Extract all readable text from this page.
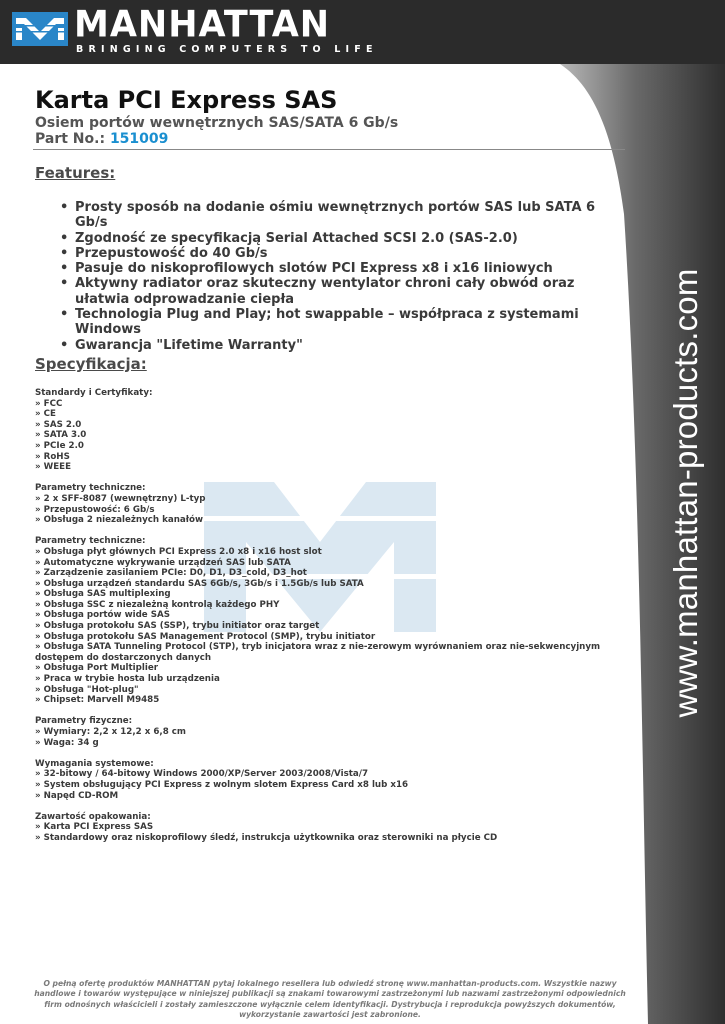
MANHATTAN
BRINGING COMPUTERS TO LIFE
www.manhattan-products.com
Karta PCI Express SAS
Osiem portów wewnętrznych SAS/SATA 6 Gb/s
Part No.: 151009
Features:
• Prosty sposób na dodanie ośmiu wewnętrznych portów SAS lub SATA 6 Gb/s
• Zgodność ze specyfikacją Serial Attached SCSI 2.0 (SAS-2.0)
• Przepustowość do 40 Gb/s
• Pasuje do niskoprofilowych slotów PCI Express x8 i x16 liniowych
• Aktywny radiator oraz skuteczny wentylator chroni cały obwód oraz ułatwia odprowadzanie ciepła
• Technologia Plug and Play; hot swappable – współpraca z systemami Windows
• Gwarancja "Lifetime Warranty"
Specyfikacja:
Standardy i Certyfikaty:
» FCC
» CE
» SAS 2.0
» SATA 3.0
» PCIe 2.0
» RoHS
» WEEE
Parametry techniczne:
» 2 x SFF-8087 (wewnętrzny) L-typ
» Przepustowość: 6 Gb/s
» Obsługa 2 niezależnych kanałów
Parametry techniczne:
» Obsługa płyt głównych PCI Express 2.0 x8 i x16 host slot
» Automatyczne wykrywanie urządzeń SAS lub SATA
» Zarządzenie zasilaniem PCIe: D0, D1, D3_cold, D3_hot
» Obsługa urządzeń standardu SAS 6Gb/s, 3Gb/s i 1.5Gb/s lub SATA
» Obsługa SAS multiplexing
» Obsługa SSC z niezależną kontrolą każdego PHY
» Obsługa portów wide SAS
» Obsługa protokołu SAS (SSP), trybu initiator oraz target
» Obsługa protokołu SAS Management Protocol (SMP), trybu initiator
» Obsługa SATA Tunneling Protocol (STP), tryb inicjatora wraz z nie-zerowym wyrównaniem oraz nie-sekwencyjnym dostępem do dostarczonych danych
» Obsługa Port Multiplier
» Praca w trybie hosta lub urządzenia
» Obsługa "Hot-plug"
» Chipset: Marvell M9485
Parametry fizyczne:
» Wymiary: 2,2 x 12,2 x 6,8 cm
» Waga: 34 g
Wymagania systemowe:
» 32-bitowy / 64-bitowy Windows 2000/XP/Server 2003/2008/Vista/7
» System obsługujący PCI Express z wolnym slotem Express Card x8 lub x16
» Napęd CD-ROM
Zawartość opakowania:
» Karta PCI Express SAS
» Standardowy oraz niskoprofilowy śledź, instrukcja użytkownika oraz sterowniki na płycie CD
O pełną ofertę produktów MANHATTAN pytaj lokalnego resellera lub odwiedź stronę www.manhattan-products.com. Wszystkie nazwy handlowe i towarów występujące w niniejszej publikacji są znakami towarowymi zastrzeżonymi lub nazwami zastrzeżonymi odpowiednich firm odnośnych właścicieli i zostały zamieszczone wyłącznie celem identyfikacji. Dystrybucja i reprodukcja powyższych dokumentów, wykorzystanie zawartości jest zabronione.
